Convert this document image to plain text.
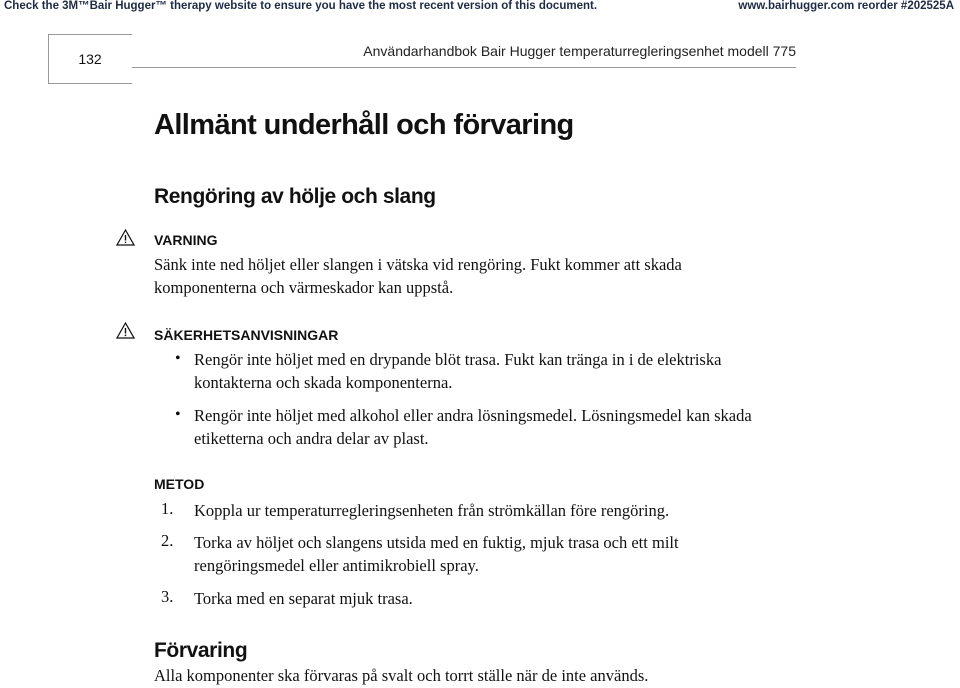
Check the 3M™Bair Hugger™ therapy website to ensure you have the most recent version of this document.	www.bairhugger.com reorder #202525A
132	Användarhandbok Bair Hugger temperaturregleringsenhet modell 775
Allmänt underhåll och förvaring
Rengöring av hölje och slang
VARNING
Sänk inte ned höljet eller slangen i vätska vid rengöring. Fukt kommer att skada
komponenterna och värmeskador kan uppstå.
SÄKERHETSANVISNINGAR
• Rengör inte höljet med en drypande blöt trasa. Fukt kan tränga in i de elektriska
kontakterna och skada komponenterna.
• Rengör inte höljet med alkohol eller andra lösningsmedel. Lösningsmedel kan skada
etiketterna och andra delar av plast.
METOD
1. Koppla ur temperaturregleringsenheten från strömkällan före rengöring.
2. Torka av höljet och slangens utsida med en fuktig, mjuk trasa och ett milt
rengöringsmedel eller antimikrobiell spray.
3. Torka med en separat mjuk trasa.
Förvaring
Alla komponenter ska förvaras på svalt och torrt ställe när de inte används.
